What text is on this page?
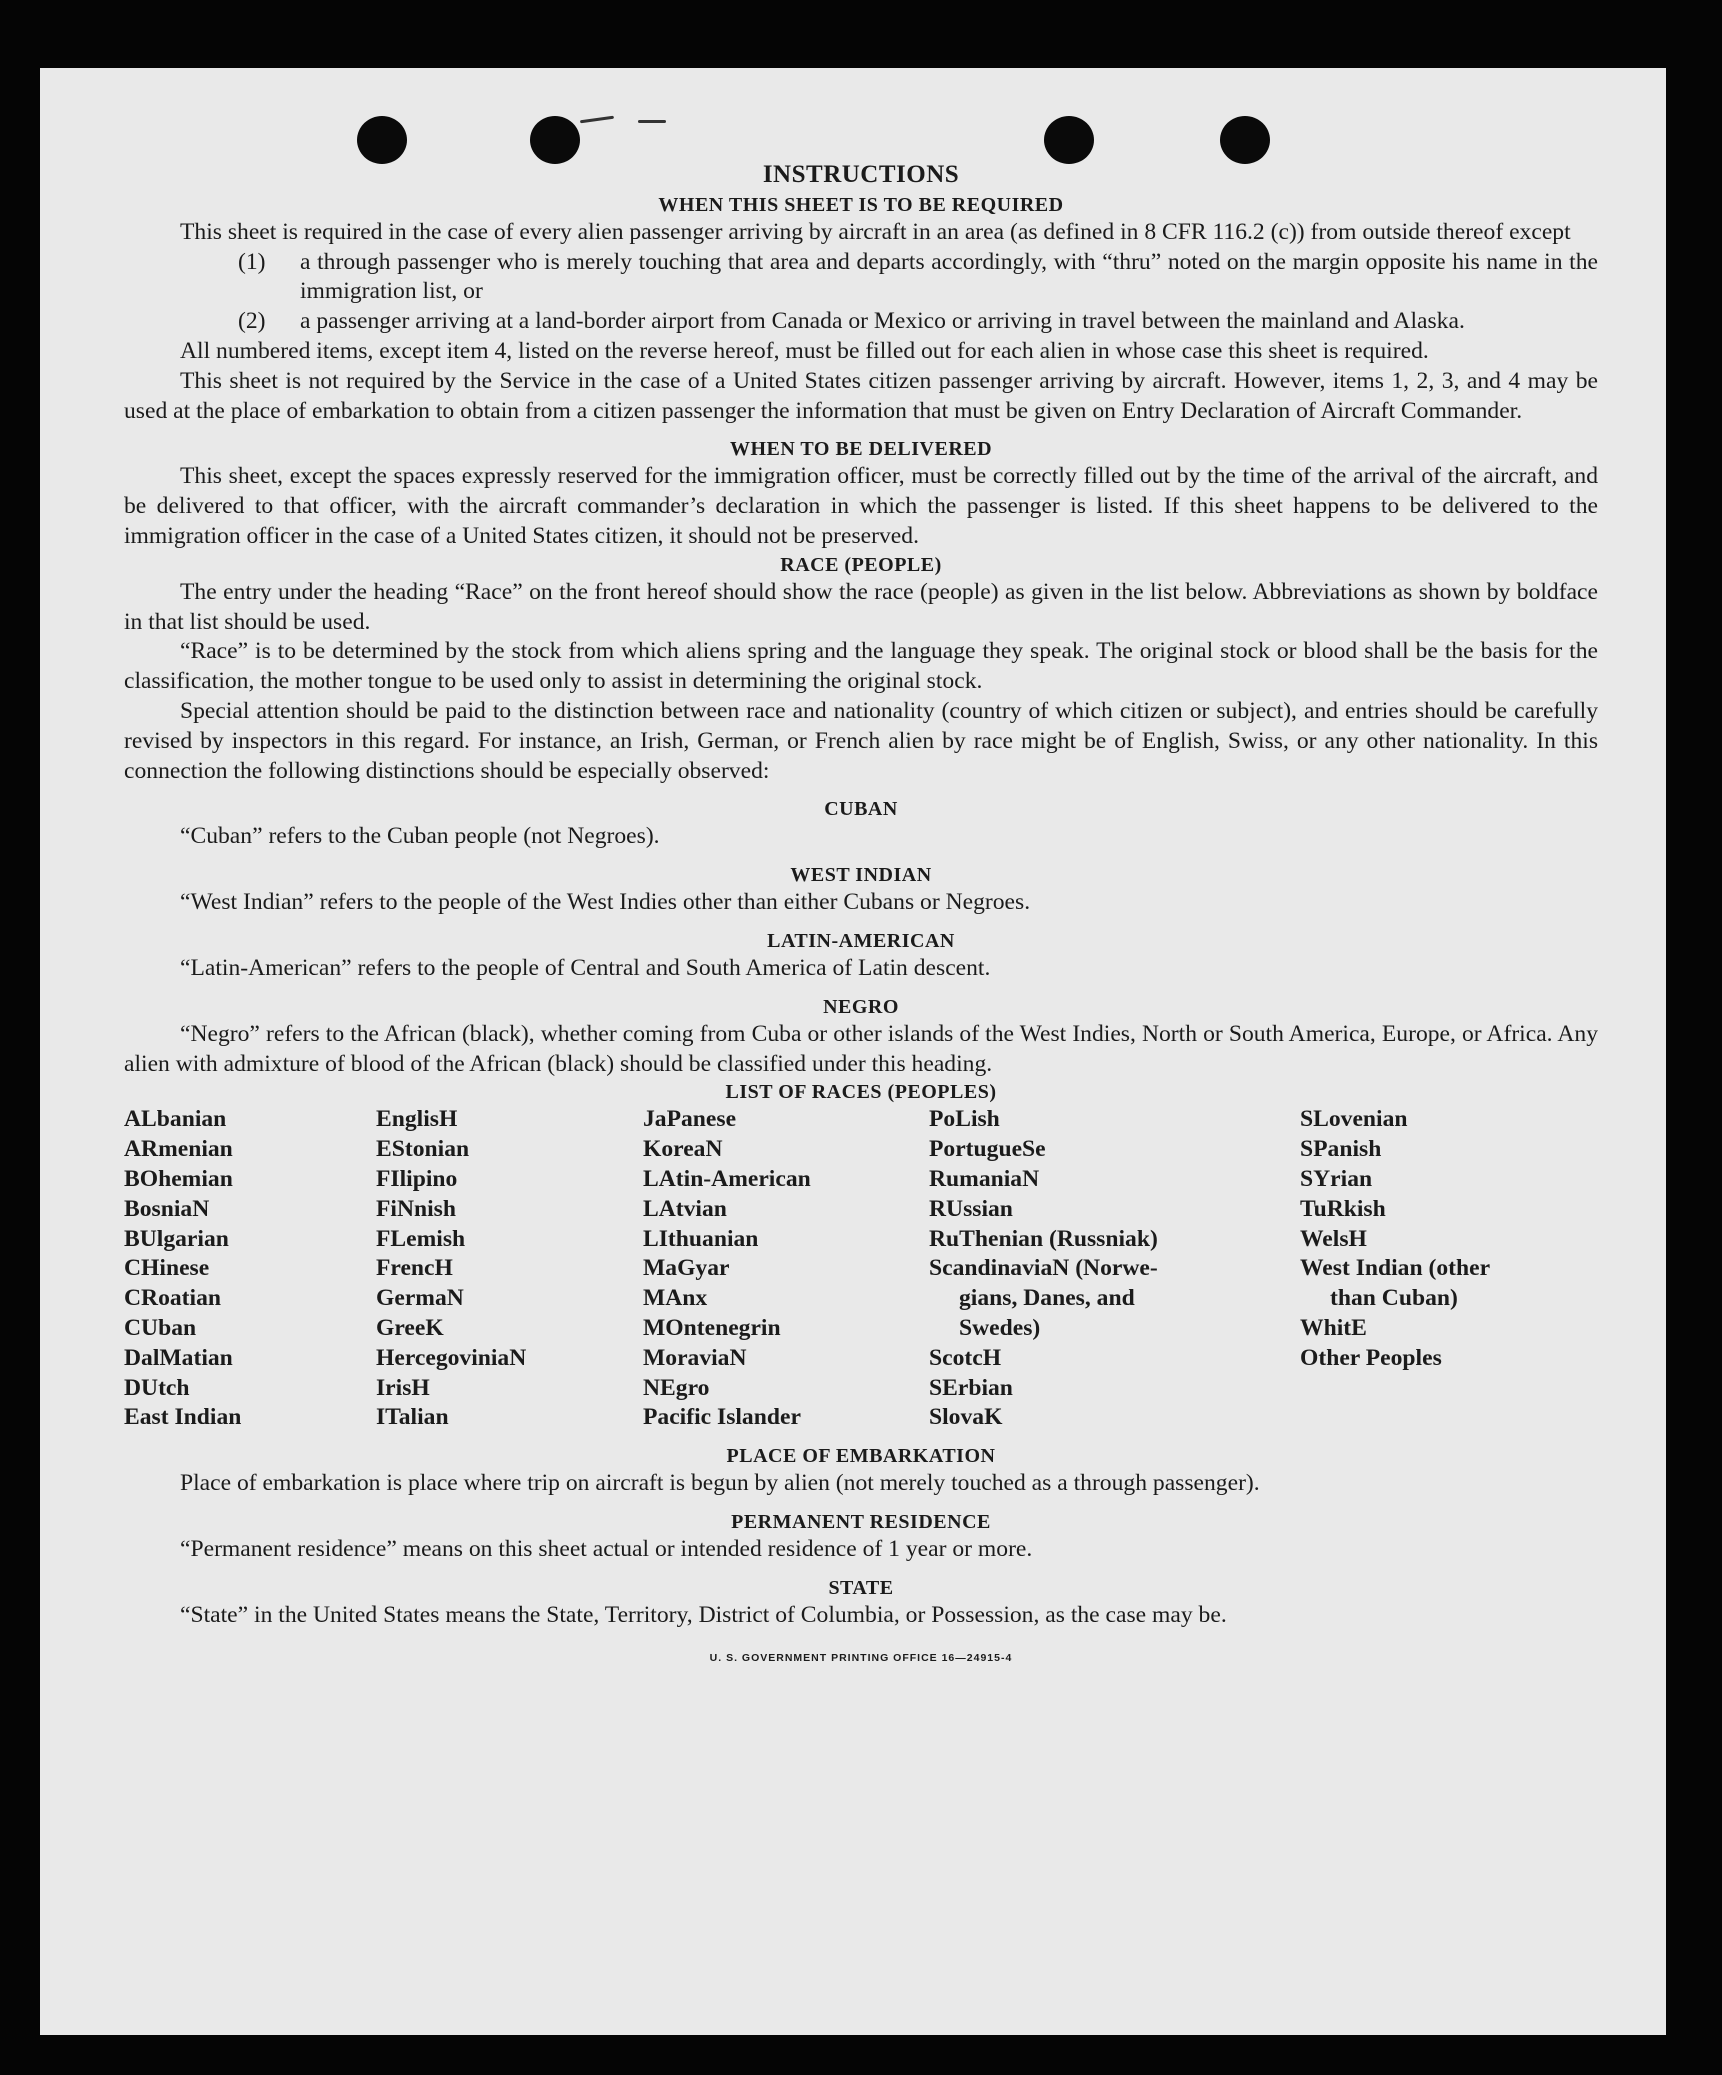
INSTRUCTIONS
WHEN THIS SHEET IS TO BE REQUIRED

This sheet is required in the case of every alien passenger arriving by aircraft in an area (as defined in 8 CFR 116.2 (c)) from outside thereof except

(1)	a through passenger who is merely touching that area and departs accordingly, with “thru” noted on the margin opposite his name in the immigration list, or
(2)	a passenger arriving at a land-border airport from Canada or Mexico or arriving in travel between the mainland and Alaska.

All numbered items, except item 4, listed on the reverse hereof, must be filled out for each alien in whose case this sheet is required.

This sheet is not required by the Service in the case of a United States citizen passenger arriving by aircraft. However, items 1, 2, 3, and 4 may be used at the place of embarkation to obtain from a citizen passenger the information that must be given on Entry Declaration of Aircraft Commander.

WHEN TO BE DELIVERED

This sheet, except the spaces expressly reserved for the immigration officer, must be correctly filled out by the time of the arrival of the aircraft, and be delivered to that officer, with the aircraft commander’s declaration in which the passenger is listed. If this sheet happens to be delivered to the immigration officer in the case of a United States citizen, it should not be preserved.

RACE (PEOPLE)

The entry under the heading “Race” on the front hereof should show the race (people) as given in the list below. Abbreviations as shown by boldface in that list should be used.

“Race” is to be determined by the stock from which aliens spring and the language they speak. The original stock or blood shall be the basis for the classification, the mother tongue to be used only to assist in determining the original stock.

Special attention should be paid to the distinction between race and nationality (country of which citizen or subject), and entries should be carefully revised by inspectors in this regard. For instance, an Irish, German, or French alien by race might be of English, Swiss, or any other nationality. In this connection the following distinctions should be especially observed:

CUBAN

“Cuban” refers to the Cuban people (not Negroes).

WEST INDIAN

“West Indian” refers to the people of the West Indies other than either Cubans or Negroes.

LATIN-AMERICAN

“Latin-American” refers to the people of Central and South America of Latin descent.

NEGRO

“Negro” refers to the African (black), whether coming from Cuba or other islands of the West Indies, North or South America, Europe, or Africa. Any alien with admixture of blood of the African (black) should be classified under this heading.

LIST OF RACES (PEOPLES)

ALbanian

ARmenian

BOhemian

BosniaN

BUlgarian

CHinese

CRoatian

CUban

DalMatian

DUtch

East Indian

EnglisH

EStonian

FIlipino

FiNnish

FLemish

FrencH

GermaN

GreeK

HercegoviniaN

IrisH

ITalian

JaPanese

KoreaN

LAtin-American

LAtvian

LIthuanian

MaGyar

MAnx

MOntenegrin

MoraviaN

NEgro

Pacific Islander

PoLish

PortugueSe

RumaniaN

RUssian

RuThenian (Russniak)

ScandinaviaN (Norwe-

gians, Danes, and

Swedes)

ScotcH

SErbian

SlovaK

SLovenian

SPanish

SYrian

TuRkish

WelsH

West Indian (other

than Cuban)

WhitE

Other Peoples

PLACE OF EMBARKATION

Place of embarkation is place where trip on aircraft is begun by alien (not merely touched as a through passenger).

PERMANENT RESIDENCE

“Permanent residence” means on this sheet actual or intended residence of 1 year or more.

STATE

“State” in the United States means the State, Territory, District of Columbia, or Possession, as the case may be.

U. S. GOVERNMENT PRINTING OFFICE 16—24915-4
